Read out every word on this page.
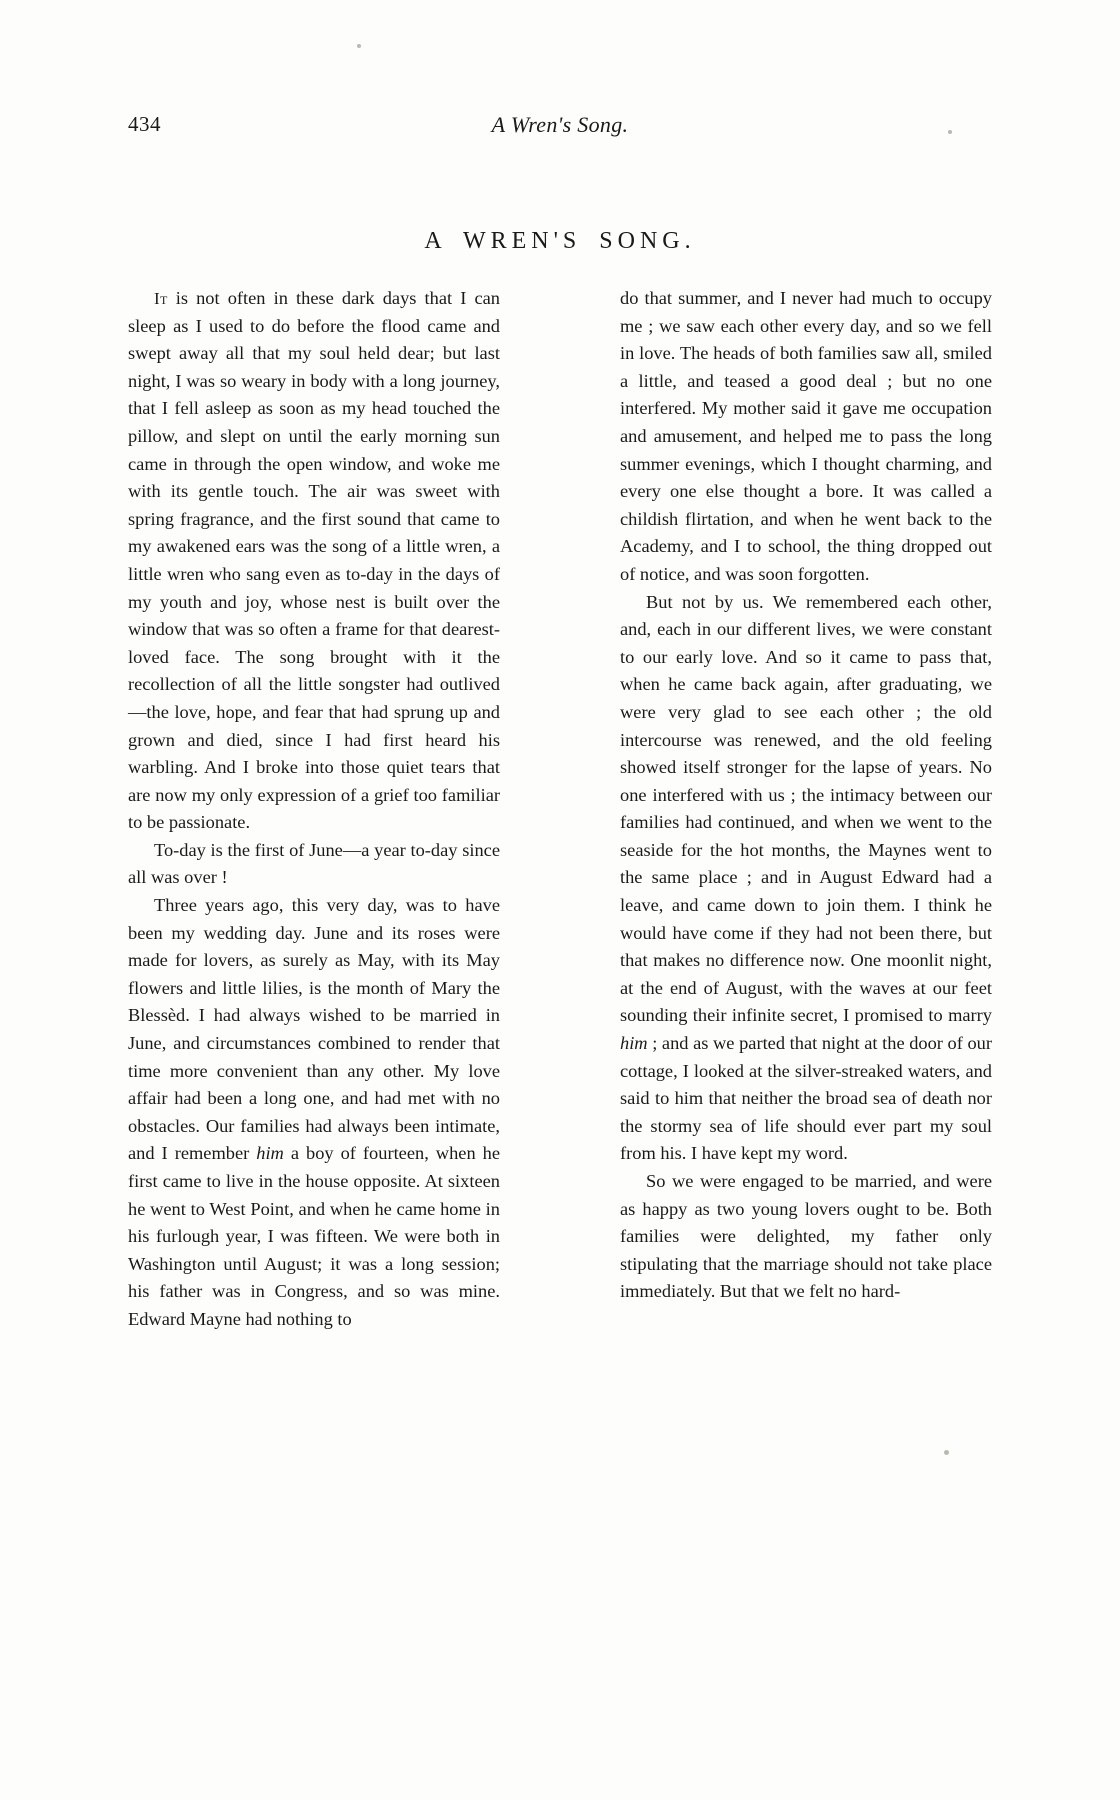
434	A Wren's Song.
A WREN'S SONG.

It is not often in these dark days that I can sleep as I used to do before the flood came and swept away all that my soul held dear; but last night, I was so weary in body with a long journey, that I fell asleep as soon as my head touched the pillow, and slept on until the early morning sun came in through the open window, and woke me with its gentle touch. The air was sweet with spring fragrance, and the first sound that came to my awakened ears was the song of a little wren, a little wren who sang even as to-day in the days of my youth and joy, whose nest is built over the window that was so often a frame for that dearest-loved face. The song brought with it the recollection of all the little songster had outlived—the love, hope, and fear that had sprung up and grown and died, since I had first heard his warbling. And I broke into those quiet tears that are now my only expression of a grief too familiar to be passionate.

To-day is the first of June—a year to-day since all was over !

Three years ago, this very day, was to have been my wedding day. June and its roses were made for lovers, as surely as May, with its May flowers and little lilies, is the month of Mary the Blessèd. I had always wished to be married in June, and circumstances combined to render that time more convenient than any other. My love affair had been a long one, and had met with no obstacles. Our families had always been intimate, and I remember him a boy of fourteen, when he first came to live in the house opposite. At sixteen he went to West Point, and when he came home in his furlough year, I was fifteen. We were both in Washington until August; it was a long session; his father was in Congress, and so was mine. Edward Mayne had nothing to

do that summer, and I never had much to occupy me ; we saw each other every day, and so we fell in love. The heads of both families saw all, smiled a little, and teased a good deal ; but no one interfered. My mother said it gave me occupation and amusement, and helped me to pass the long summer evenings, which I thought charming, and every one else thought a bore. It was called a childish flirtation, and when he went back to the Academy, and I to school, the thing dropped out of notice, and was soon forgotten.

But not by us. We remembered each other, and, each in our different lives, we were constant to our early love. And so it came to pass that, when he came back again, after graduating, we were very glad to see each other ; the old intercourse was renewed, and the old feeling showed itself stronger for the lapse of years. No one interfered with us ; the intimacy between our families had continued, and when we went to the seaside for the hot months, the Maynes went to the same place ; and in August Edward had a leave, and came down to join them. I think he would have come if they had not been there, but that makes no difference now. One moonlit night, at the end of August, with the waves at our feet sounding their infinite secret, I promised to marry him ; and as we parted that night at the door of our cottage, I looked at the silver-streaked waters, and said to him that neither the broad sea of death nor the stormy sea of life should ever part my soul from his. I have kept my word.

So we were engaged to be married, and were as happy as two young lovers ought to be. Both families were delighted, my father only stipulating that the marriage should not take place immediately. But that we felt no hard-
